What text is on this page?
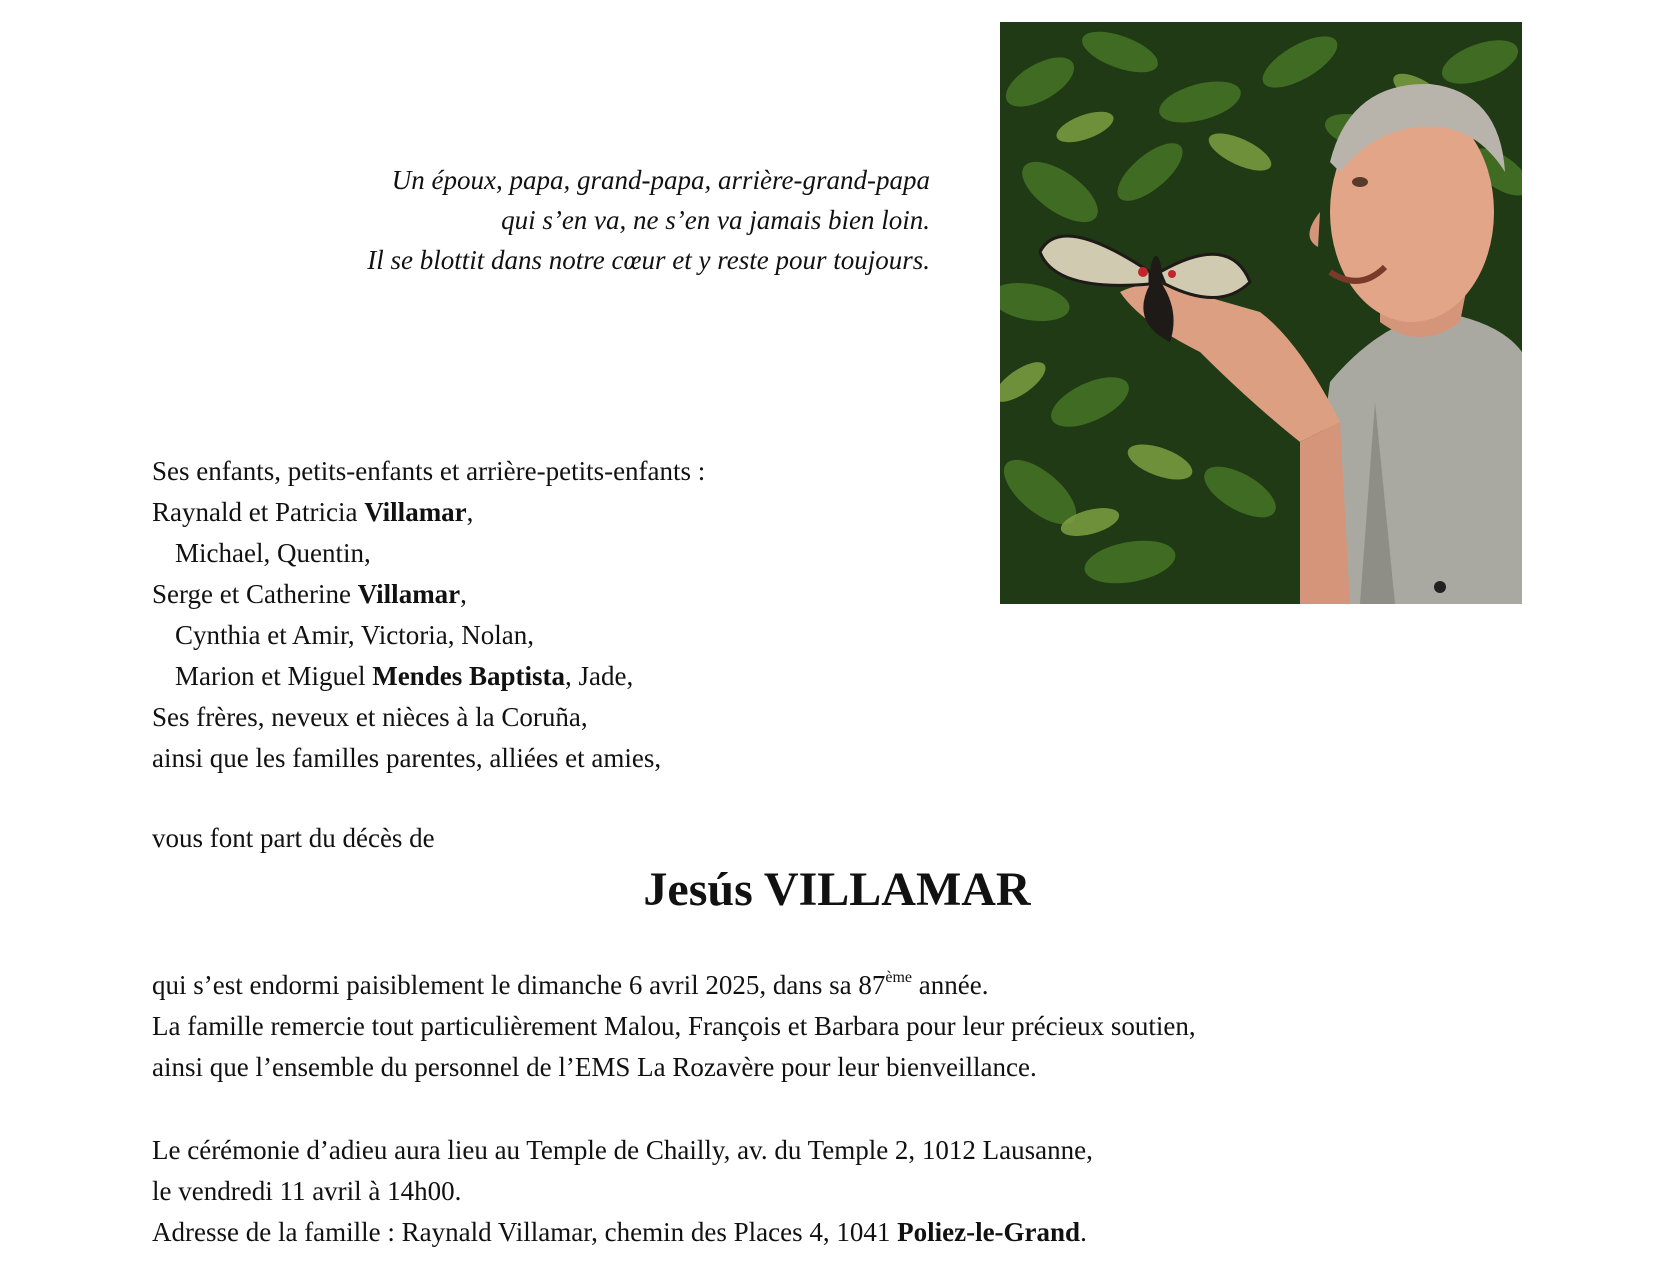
Un époux, papa, grand-papa, arrière-grand-papa
qui s’en va, ne s’en va jamais bien loin.
Il se blottit dans notre cœur et y reste pour toujours.
Ses enfants, petits-enfants et arrière-petits-enfants :
Raynald et Patricia Villamar,
Michael, Quentin,
Serge et Catherine Villamar,
Cynthia et Amir, Victoria, Nolan,
Marion et Miguel Mendes Baptista, Jade,
Ses frères, neveux et nièces à la Coruña,
ainsi que les familles parentes, alliées et amies,
vous font part du décès de
Jesús VILLAMAR
qui s’est endormi paisiblement le dimanche 6 avril 2025, dans sa 87ème année.
La famille remercie tout particulièrement Malou, François et Barbara pour leur précieux soutien,
ainsi que l’ensemble du personnel de l’EMS La Rozavère pour leur bienveillance.
Le cérémonie d’adieu aura lieu au Temple de Chailly, av. du Temple 2, 1012 Lausanne,
le vendredi 11 avril à 14h00.
Adresse de la famille : Raynald Villamar, chemin des Places 4, 1041 Poliez-le-Grand.
